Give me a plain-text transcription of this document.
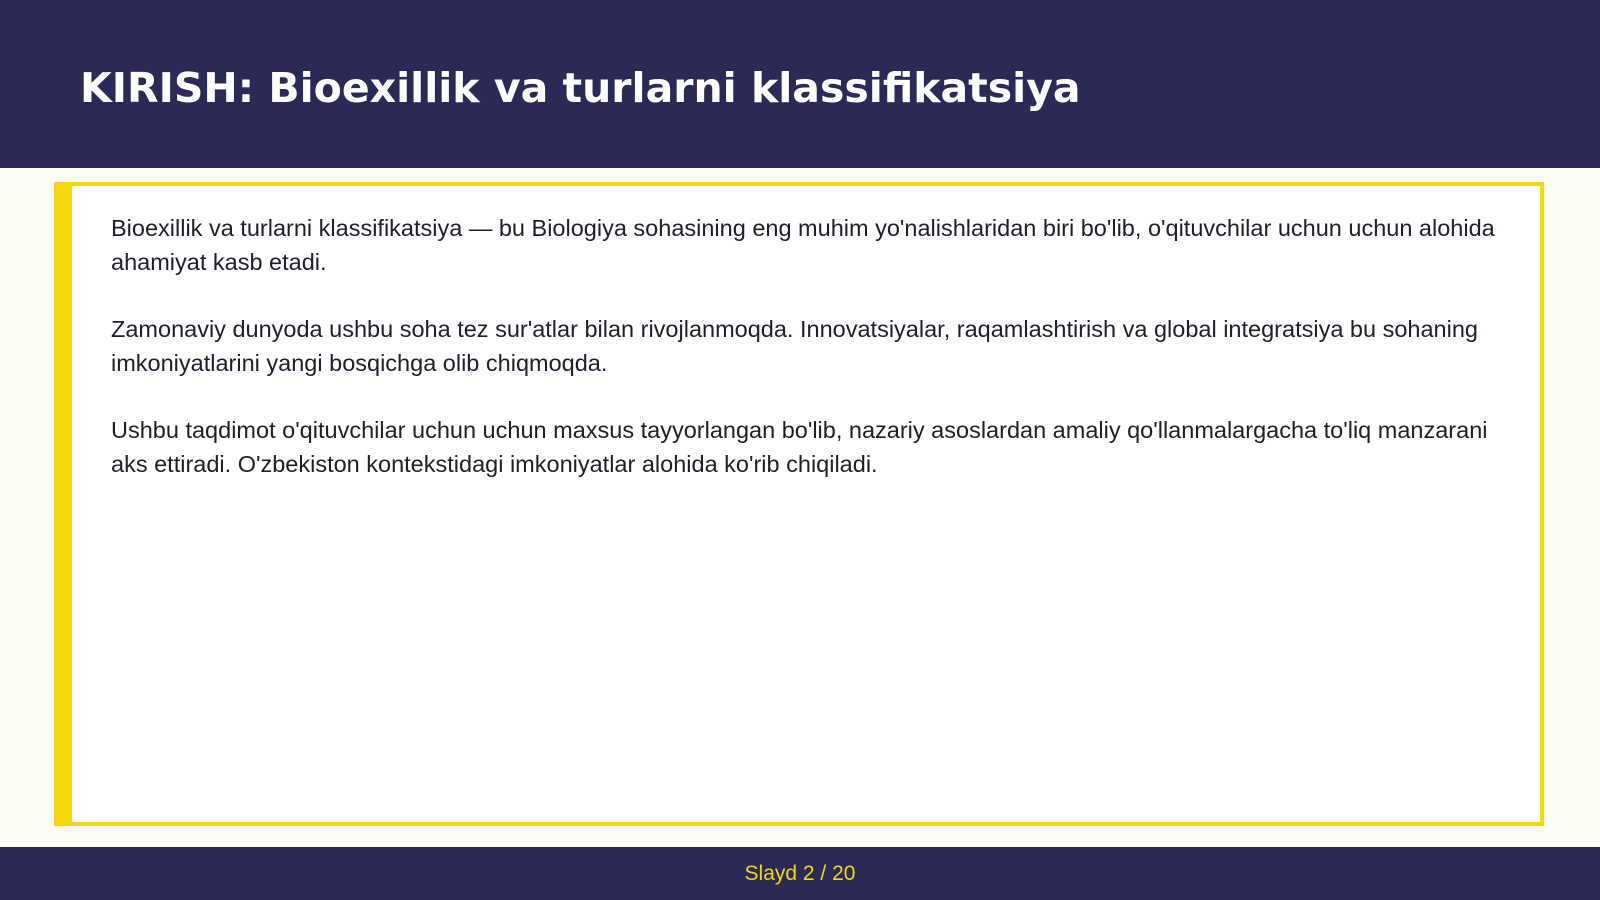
KIRISH: Bioexillik va turlarni klassifikatsiya

Bioexillik va turlarni klassifikatsiya — bu Biologiya sohasining eng muhim yo'nalishlaridan biri bo'lib, o'qituvchilar uchun uchun alohida ahamiyat kasb etadi.

Zamonaviy dunyoda ushbu soha tez sur'atlar bilan rivojlanmoqda. Innovatsiyalar, raqamlashtirish va global integratsiya bu sohaning imkoniyatlarini yangi bosqichga olib chiqmoqda.

Ushbu taqdimot o'qituvchilar uchun uchun maxsus tayyorlangan bo'lib, nazariy asoslardan amaliy qo'llanmalargacha to'liq manzarani aks ettiradi. O'zbekiston kontekstidagi imkoniyatlar alohida ko'rib chiqiladi.

Slayd 2 / 20
